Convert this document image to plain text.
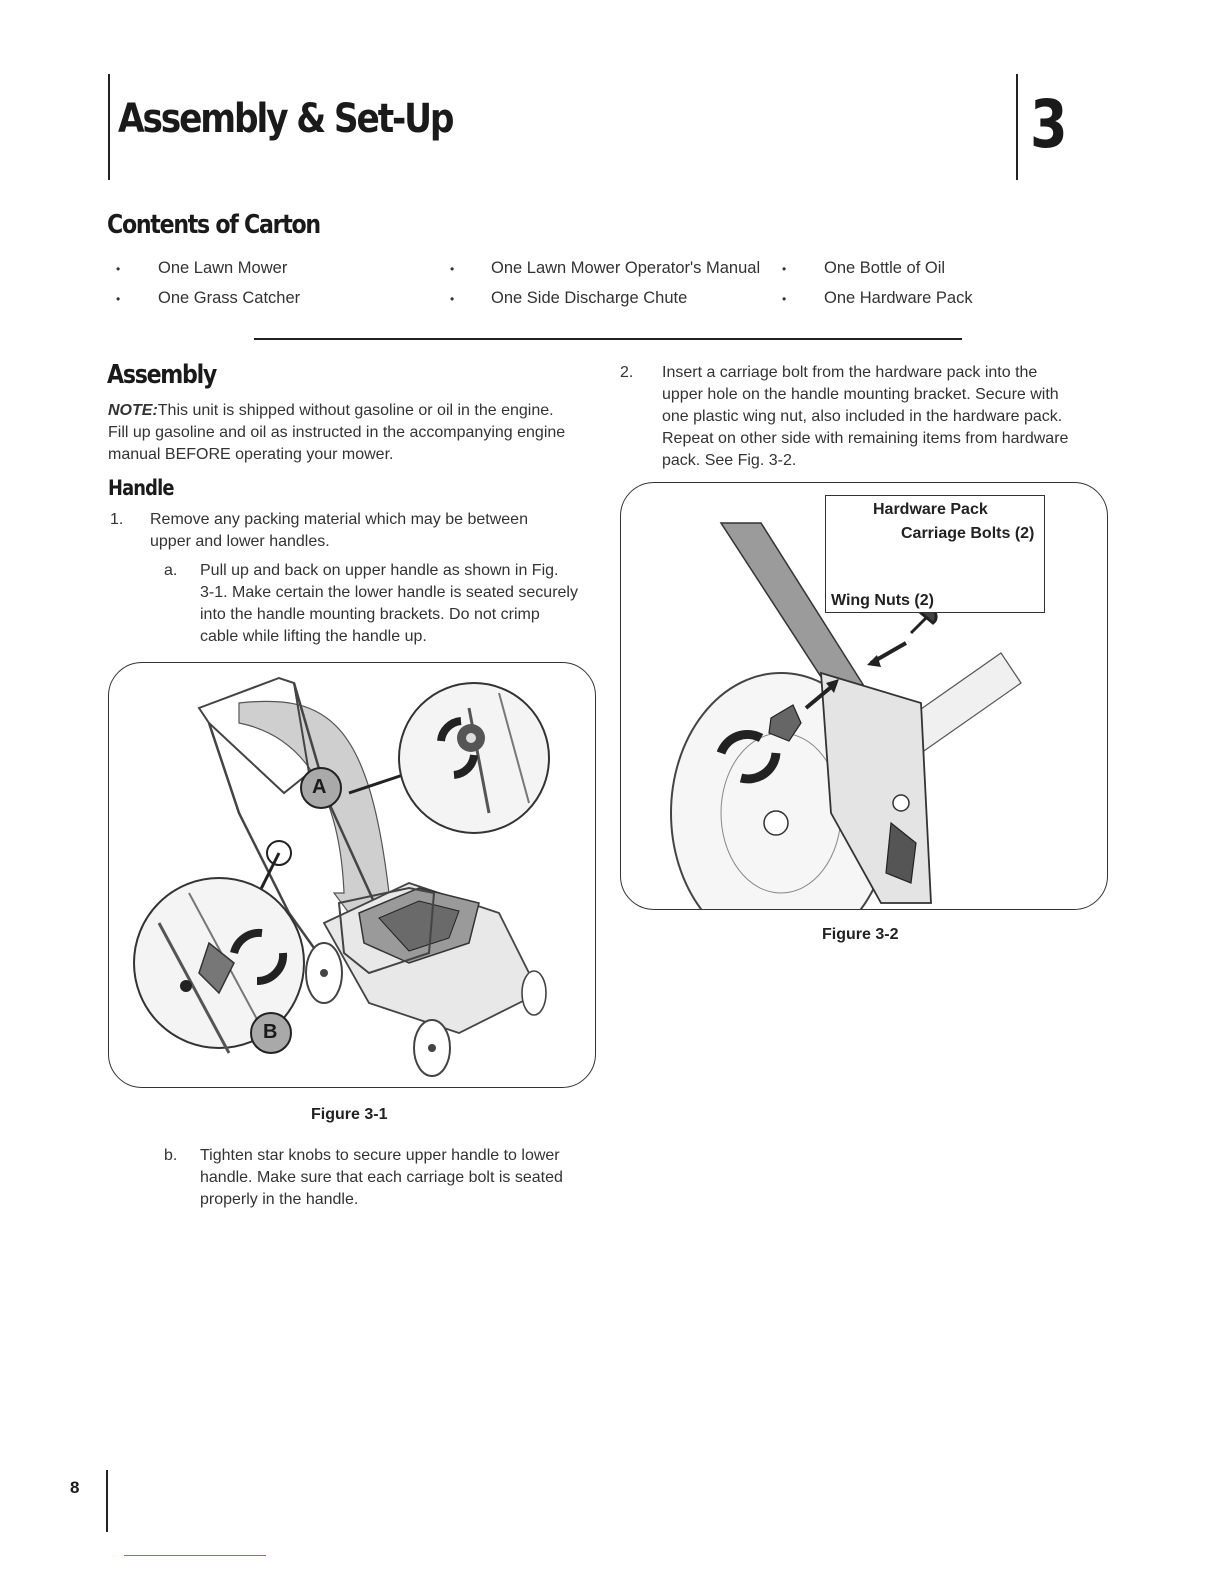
Assembly & Set-Up	3
Contents of Carton
• One Lawn Mower	• One Lawn Mower Operator's Manual • One Bottle of Oil
• One Grass Catcher	• One Side Discharge Chute	• One Hardware Pack
Assembly
NOTE:This unit is shipped without gasoline or oil in the engine.
Fill up gasoline and oil as instructed in the accompanying engine
manual BEFORE operating your mower.
Handle
1. Remove any packing material which may be between
upper and lower handles.
a. Pull up and back on upper handle as shown in Fig.
3-1. Make certain the lower handle is seated securely
into the handle mounting brackets. Do not crimp
cable while lifting the handle up.
A
B
Figure 3-1
b. Tighten star knobs to secure upper handle to lower
handle. Make sure that each carriage bolt is seated
properly in the handle.
2. Insert a carriage bolt from the hardware pack into the
upper hole on the handle mounting bracket. Secure with
one plastic wing nut, also included in the hardware pack.
Repeat on other side with remaining items from hardware
pack. See Fig. 3-2.
Hardware Pack
Carriage Bolts (2)
Wing Nuts (2)
Figure 3-2

8
